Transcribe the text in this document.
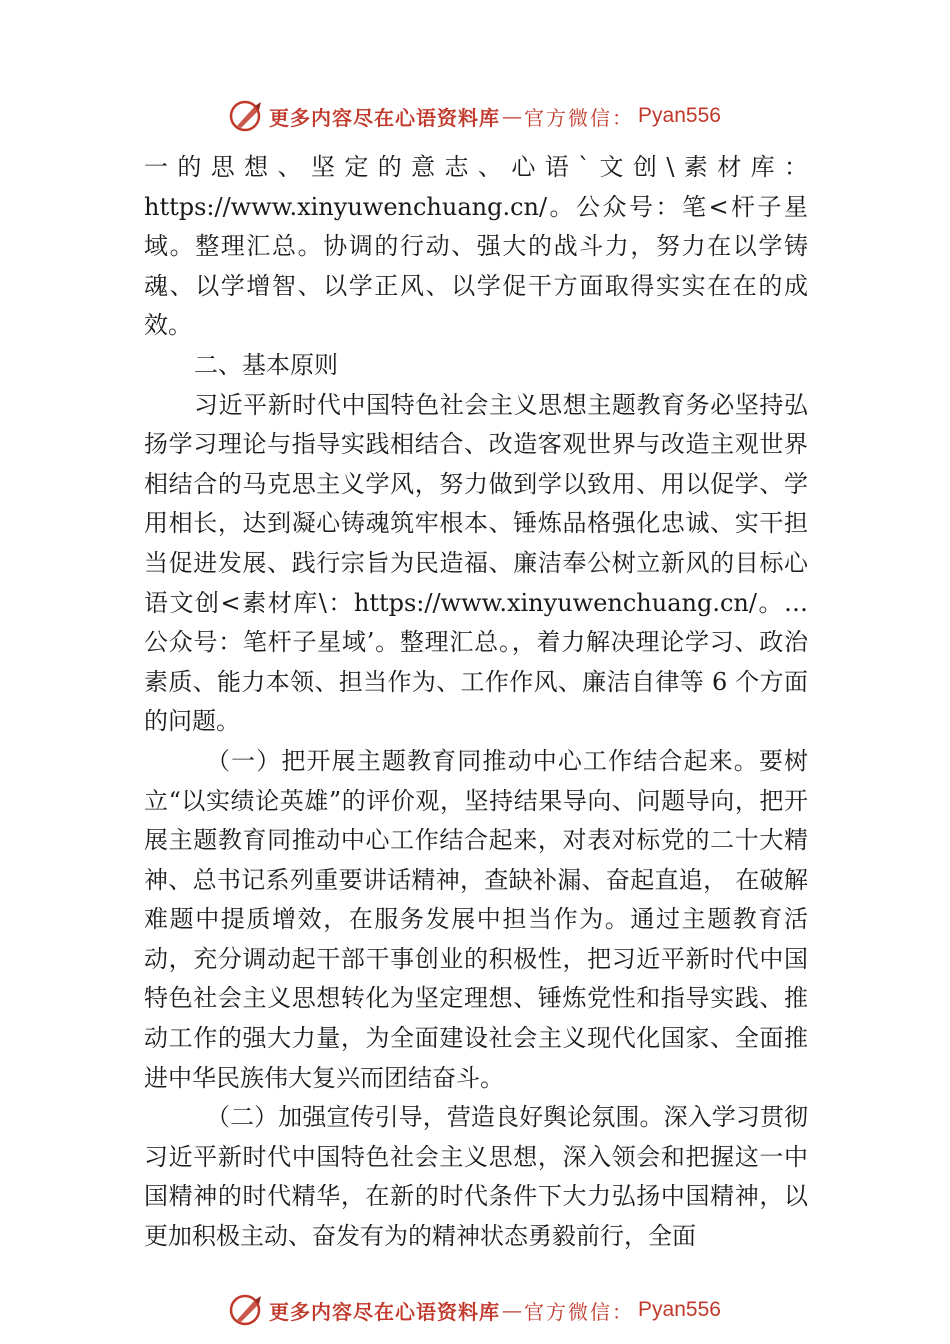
更多内容尽在心语资料库 — 官方微信： Pyan556

一的思想、坚定的意志、心语`文创\素材库：https://www.xinyuwenchuang.cn/。公众号：笔<杆子星域。整理汇总。协调的行动、强大的战斗力，努力在以学铸魂、以学增智、以学正风、以学促干方面取得实实在在的成效。

二、基本原则

习近平新时代中国特色社会主义思想主题教育务必坚持弘扬学习理论与指导实践相结合、改造客观世界与改造主观世界相结合的马克思主义学风，努力做到学以致用、用以促学、学用相长，达到凝心铸魂筑牢根本、锤炼品格强化忠诚、实干担当促进发展、践行宗旨为民造福、廉洁奉公树立新风的目标心语文创<素材库\：https://www.xinyuwenchuang.cn/。…公众号：笔杆子星域’。整理汇总。，着力解决理论学习、政治素质、能力本领、担当作为、工作作风、廉洁自律等 6 个方面的问题。

（一）把开展主题教育同推动中心工作结合起来。要树立“以实绩论英雄”的评价观，坚持结果导向、问题导向，把开展主题教育同推动中心工作结合起来，对表对标党的二十大精神、总书记系列重要讲话精神，查缺补漏、奋起直追， 在破解难题中提质增效，在服务发展中担当作为。通过主题教育活动，充分调动起干部干事创业的积极性，把习近平新时代中国特色社会主义思想转化为坚定理想、锤炼党性和指导实践、推动工作的强大力量，为全面建设社会主义现代化国家、全面推进中华民族伟大复兴而团结奋斗。

（二）加强宣传引导，营造良好舆论氛围。深入学习贯彻习近平新时代中国特色社会主义思想，深入领会和把握这一中国精神的时代精华，在新的时代条件下大力弘扬中国精神，以更加积极主动、奋发有为的精神状态勇毅前行，全面

更多内容尽在心语资料库 — 官方微信： Pyan556
